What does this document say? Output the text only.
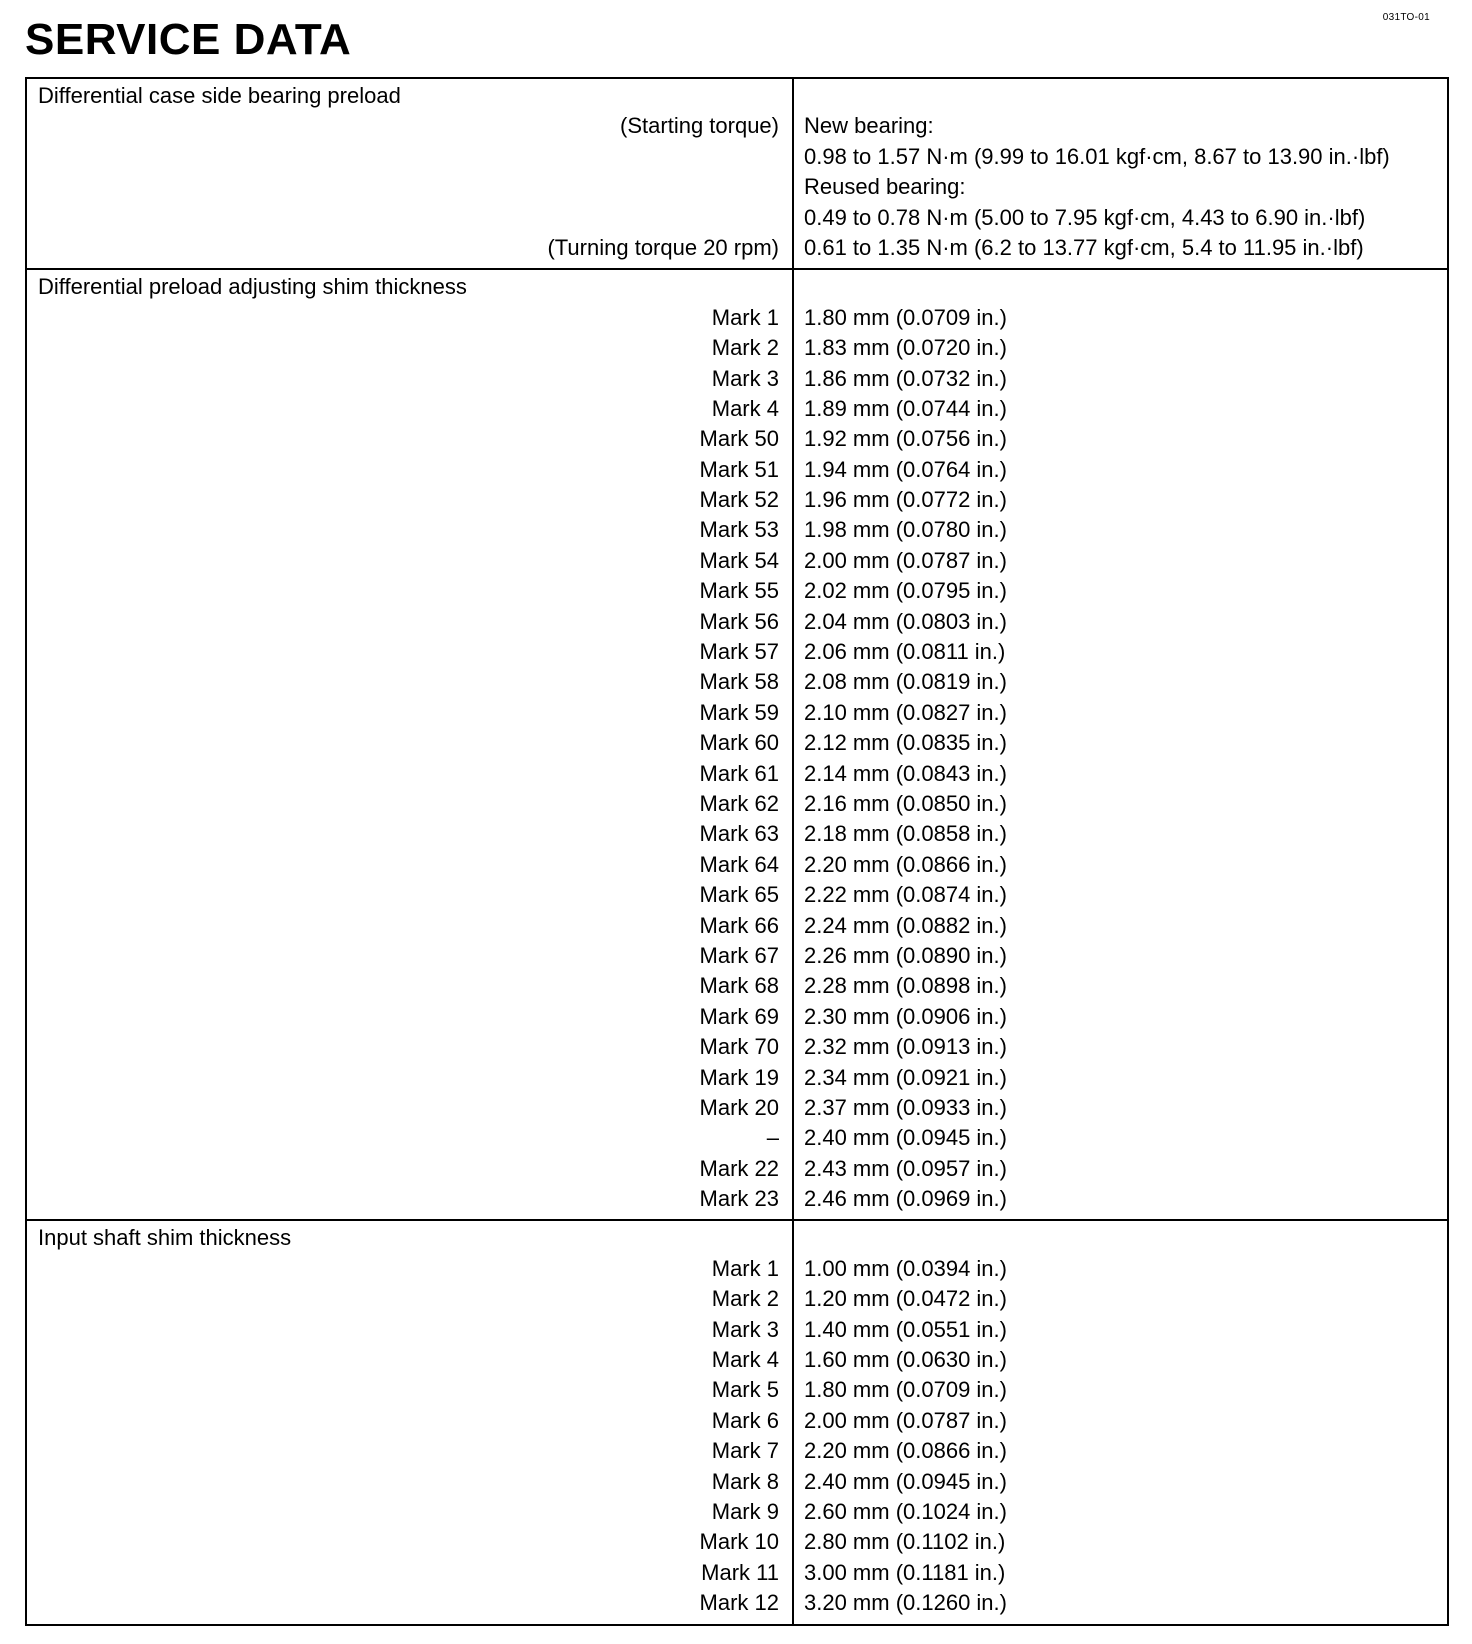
031TO-01
SERVICE DATA
Differential case side bearing preload
(Starting torque)
(Turning torque 20 rpm)
New bearing:
0.98 to 1.57 N·m (9.99 to 16.01 kgf·cm, 8.67 to 13.90 in.·lbf)
Reused bearing:
0.49 to 0.78 N·m (5.00 to 7.95 kgf·cm, 4.43 to 6.90 in.·lbf)
0.61 to 1.35 N·m (6.2 to 13.77 kgf·cm, 5.4 to 11.95 in.·lbf)
Differential preload adjusting shim thickness
Mark 1
Mark 2
Mark 3
Mark 4
Mark 50
Mark 51
Mark 52
Mark 53
Mark 54
Mark 55
Mark 56
Mark 57
Mark 58
Mark 59
Mark 60
Mark 61
Mark 62
Mark 63
Mark 64
Mark 65
Mark 66
Mark 67
Mark 68
Mark 69
Mark 70
Mark 19
Mark 20
–
Mark 22
Mark 23
1.80 mm (0.0709 in.)
1.83 mm (0.0720 in.)
1.86 mm (0.0732 in.)
1.89 mm (0.0744 in.)
1.92 mm (0.0756 in.)
1.94 mm (0.0764 in.)
1.96 mm (0.0772 in.)
1.98 mm (0.0780 in.)
2.00 mm (0.0787 in.)
2.02 mm (0.0795 in.)
2.04 mm (0.0803 in.)
2.06 mm (0.0811 in.)
2.08 mm (0.0819 in.)
2.10 mm (0.0827 in.)
2.12 mm (0.0835 in.)
2.14 mm (0.0843 in.)
2.16 mm (0.0850 in.)
2.18 mm (0.0858 in.)
2.20 mm (0.0866 in.)
2.22 mm (0.0874 in.)
2.24 mm (0.0882 in.)
2.26 mm (0.0890 in.)
2.28 mm (0.0898 in.)
2.30 mm (0.0906 in.)
2.32 mm (0.0913 in.)
2.34 mm (0.0921 in.)
2.37 mm (0.0933 in.)
2.40 mm (0.0945 in.)
2.43 mm (0.0957 in.)
2.46 mm (0.0969 in.)
Input shaft shim thickness
Mark 1
Mark 2
Mark 3
Mark 4
Mark 5
Mark 6
Mark 7
Mark 8
Mark 9
Mark 10
Mark 11
Mark 12
1.00 mm (0.0394 in.)
1.20 mm (0.0472 in.)
1.40 mm (0.0551 in.)
1.60 mm (0.0630 in.)
1.80 mm (0.0709 in.)
2.00 mm (0.0787 in.)
2.20 mm (0.0866 in.)
2.40 mm (0.0945 in.)
2.60 mm (0.1024 in.)
2.80 mm (0.1102 in.)
3.00 mm (0.1181 in.)
3.20 mm (0.1260 in.)
